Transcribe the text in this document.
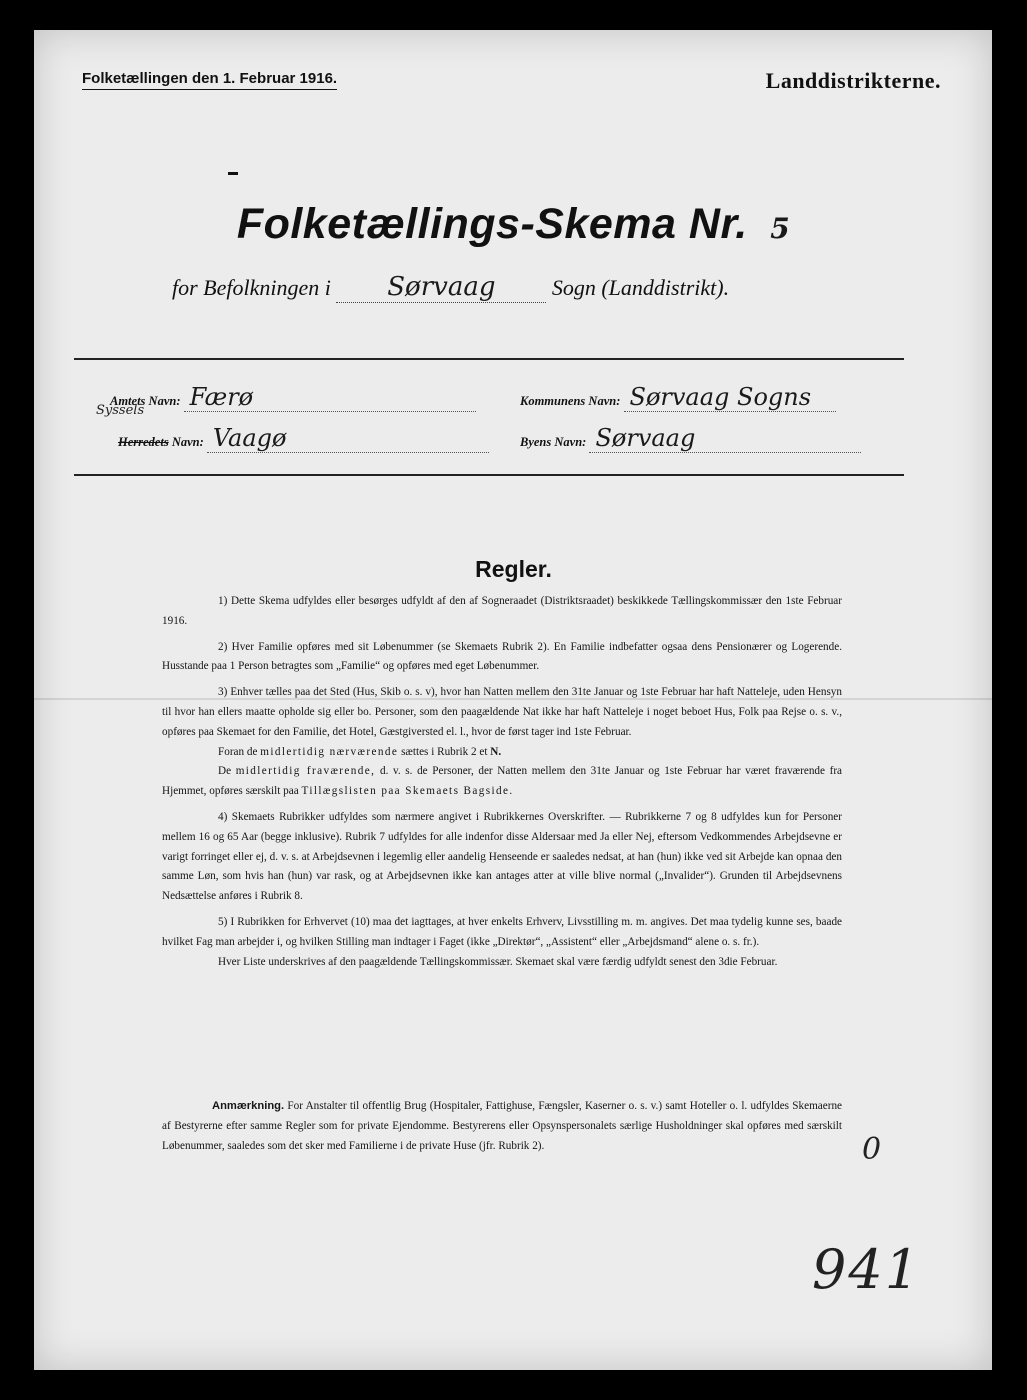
Folketællingen den 1. Februar 1916.	Landdistrikterne.
Folketællings-Skema Nr. 5
for Befolkningen i Sørvaag	Sogn (Landdistrikt).
Amtets Navn: Færø	Kommunens Navn: Sørvaag Sogns
Syssels
Herredets Navn: Vaagø	Byens Navn: Sørvaag
Regler.

1) Dette Skema udfyldes eller besørges udfyldt af den af Sogneraadet (Distriktsraadet) beskikkede Tællingskommissær den 1ste Februar 1916.

2) Hver Familie opføres med sit Løbenummer (se Skemaets Rubrik 2). En Familie indbefatter ogsaa dens Pensionærer og Logerende. Husstande paa 1 Person betragtes som „Familie“ og opføres med eget Løbenummer.

3) Enhver tælles paa det Sted (Hus, Skib o. s. v), hvor han Natten mellem den 31te Januar og 1ste Februar har haft Natteleje, uden Hensyn til hvor han ellers maatte opholde sig eller bo. Personer, som den paagældende Nat ikke har haft Natteleje i noget beboet Hus, Folk paa Rejse o. s. v., opføres paa Skemaet for den Familie, det Hotel, Gæstgiversted el. l., hvor de først tager ind 1ste Februar.

Foran de midlertidig nærværende sættes i Rubrik 2 et N.

De midlertidig fraværende, d. v. s. de Personer, der Natten mellem den 31te Januar og 1ste Februar har været fraværende fra Hjemmet, opføres særskilt paa Tillægslisten paa Skemaets Bagside.

4) Skemaets Rubrikker udfyldes som nærmere angivet i Rubrikkernes Overskrifter. — Rubrikkerne 7 og 8 udfyldes kun for Personer mellem 16 og 65 Aar (begge inklusive). Rubrik 7 udfyldes for alle indenfor disse Aldersaar med Ja eller Nej, eftersom Vedkommendes Arbejdsevne er varigt forringet eller ej, d. v. s. at Arbejdsevnen i legemlig eller aandelig Henseende er saaledes nedsat, at han (hun) ikke ved sit Arbejde kan opnaa den samme Løn, som hvis han (hun) var rask, og at Arbejdsevnen ikke kan antages atter at ville blive normal („Invalider“). Grunden til Arbejdsevnens Nedsættelse anføres i Rubrik 8.

5) I Rubrikken for Erhvervet (10) maa det iagttages, at hver enkelts Erhverv, Livsstilling m. m. angives. Det maa tydelig kunne ses, baade hvilket Fag man arbejder i, og hvilken Stilling man indtager i Faget (ikke „Direktør“, „Assistent“ eller „Arbejdsmand“ alene o. s. fr.).

Hver Liste underskrives af den paagældende Tællingskommissær. Skemaet skal være færdig udfyldt senest den 3die Februar.

Anmærkning. For Anstalter til offentlig Brug (Hospitaler, Fattighuse, Fængsler, Kaserner o. s. v.) samt Hoteller o. l. udfyldes Skemaerne af Bestyrerne efter samme Regler som for private Ejendomme. Bestyrerens eller Opsynspersonalets særlige Husholdninger skal opføres med særskilt Løbenummer, saaledes som det sker med Familierne i de private Huse (jfr. Rubrik 2).	0
941
